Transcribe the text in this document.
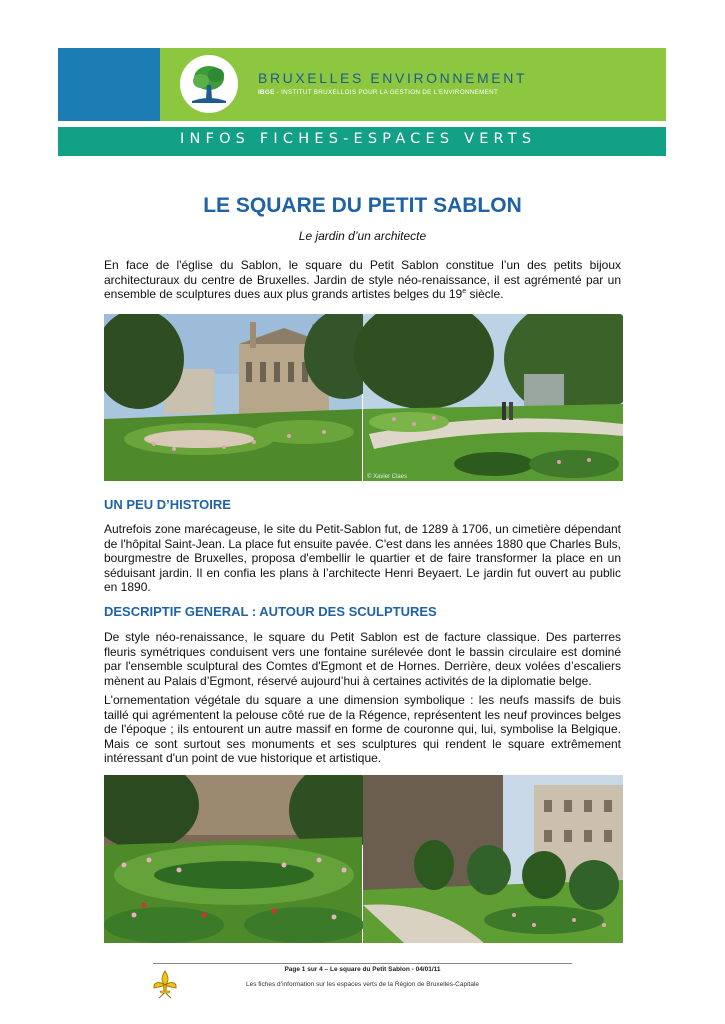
BRUXELLES ENVIRONNEMENT
IBGE - INSTITUT BRUXELLOIS POUR LA GESTION DE L'ENVIRONNEMENT
INFOS FICHES-ESPACES VERTS
LE SQUARE DU PETIT SABLON
Le jardin d’un architecte
En face de l'église du Sablon, le square du Petit Sablon constitue l’un des petits bijoux architecturaux du centre de Bruxelles. Jardin de style néo-renaissance, il est agrémenté par un ensemble de sculptures dues aux plus grands artistes belges du 19e siècle.
© Xavier Claes
UN PEU D’HISTOIRE
Autrefois zone marécageuse, le site du Petit-Sablon fut, de 1289 à 1706, un cimetière dépendant de l'hôpital Saint-Jean. La place fut ensuite pavée. C'est dans les années 1880 que Charles Buls, bourgmestre de Bruxelles, proposa d'embellir le quartier et de faire transformer la place en un séduisant jardin. Il en confia les plans à l’architecte Henri Beyaert. Le jardin fut ouvert au public en 1890.
DESCRIPTIF GENERAL : AUTOUR DES SCULPTURES
De style néo-renaissance, le square du Petit Sablon est de facture classique. Des parterres fleuris symétriques conduisent vers une fontaine surélevée dont le bassin circulaire est dominé par l'ensemble sculptural des Comtes d'Egmont et de Hornes. Derrière, deux volées d’escaliers mènent au Palais d’Egmont, réservé aujourd’hui à certaines activités de la diplomatie belge.
L'ornementation végétale du square a une dimension symbolique : les neufs massifs de buis taillé qui agrémentent la pelouse côté rue de la Régence, représentent les neuf provinces belges de l'époque ; ils entourent un autre massif en forme de couronne qui, lui, symbolise la Belgique. Mais ce sont surtout ses monuments et ses sculptures qui rendent le square extrêmement intéressant d'un point de vue historique et artistique.
Page 1 sur 4 – Le square du Petit Sablon - 04/01/11
Les fiches d’information sur les espaces verts de la Région de Bruxelles-Capitale
